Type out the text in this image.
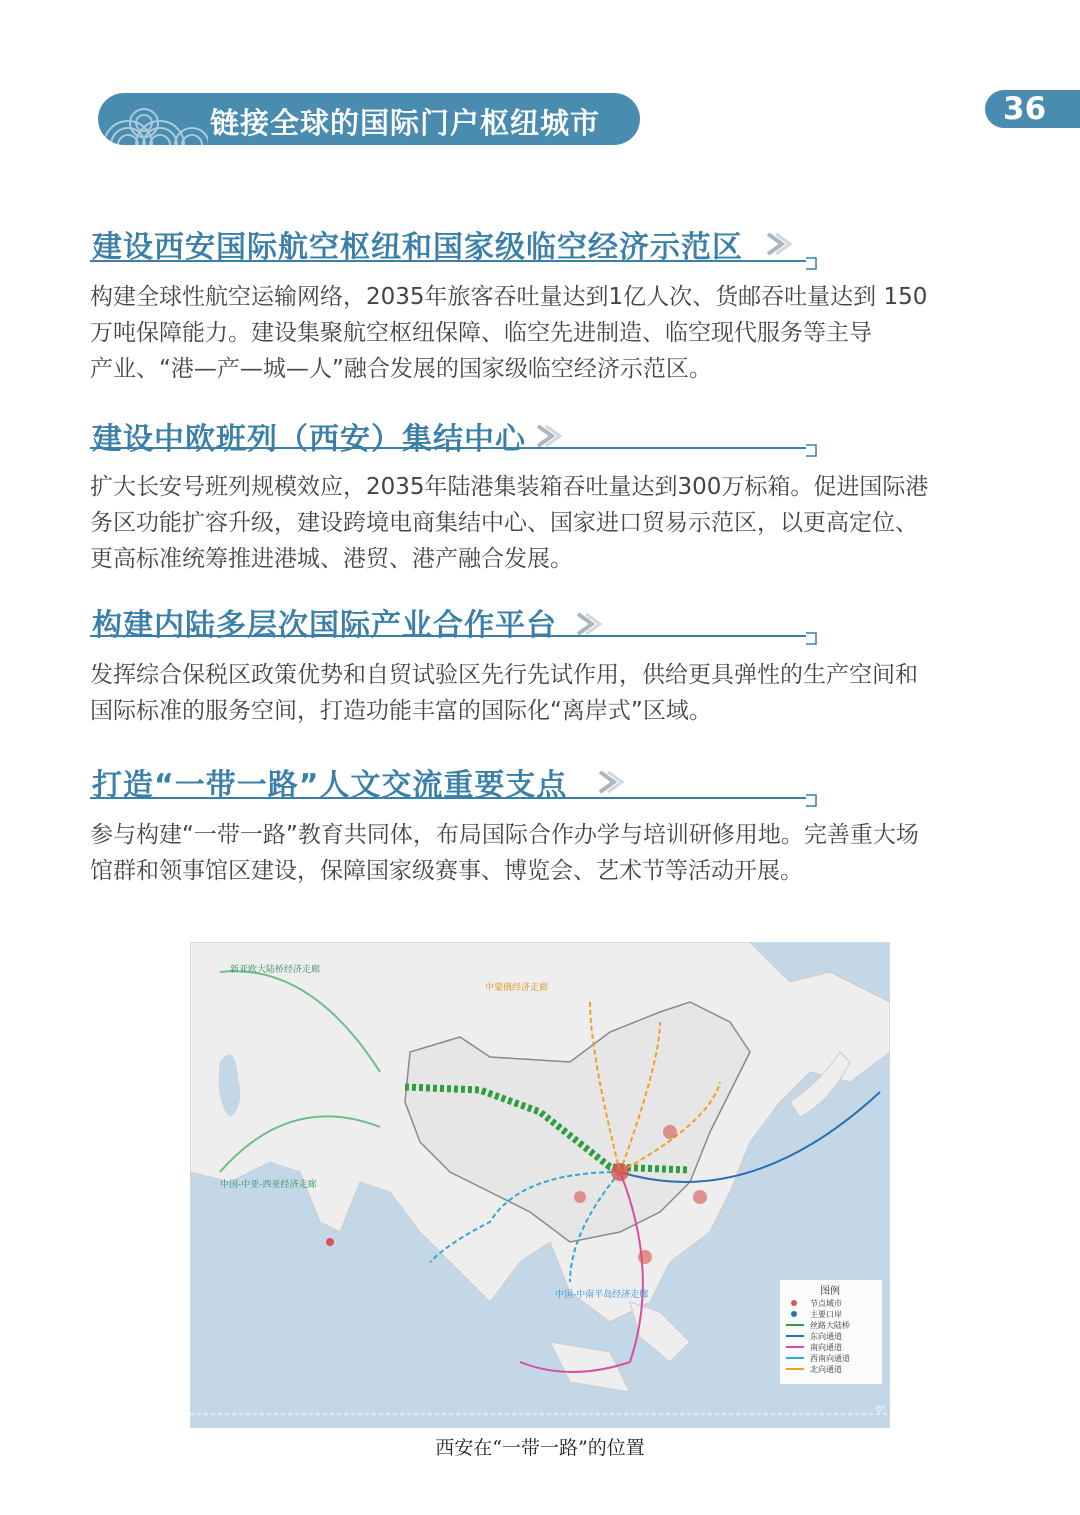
链接全球的国际门户枢纽城市	36
建设西安国际航空枢纽和国家级临空经济示范区

构建全球性航空运输网络，2035年旅客吞吐量达到1亿人次、货邮吞吐量达到 150

万吨保障能力。建设集聚航空枢纽保障、临空先进制造、临空现代服务等主导

产业、“港—产—城—人”融合发展的国家级临空经济示范区。

建设中欧班列（西安）集结中心

扩大长安号班列规模效应，2035年陆港集装箱吞吐量达到300万标箱。促进国际港

务区功能扩容升级，建设跨境电商集结中心、国家进口贸易示范区，以更高定位、

更高标准统筹推进港城、港贸、港产融合发展。

构建内陆多层次国际产业合作平台

发挥综合保税区政策优势和自贸试验区先行先试作用，供给更具弹性的生产空间和

国际标准的服务空间，打造功能丰富的国际化“离岸式”区域。

打造“一带一路”人文交流重要支点

参与构建“一带一路”教育共同体，布局国际合作办学与培训研修用地。完善重大场

馆群和领事馆区建设，保障国家级赛事、博览会、艺术节等活动开展。

新亚欧大陆桥经济走廊
中蒙俄经济走廊
中国-中亚-西亚经济走廊
中国-中南半岛经济走廊	图例
节点城市
主要口岸
丝路大陆桥
东向通道
南向通道
西南向通道
北向通道
0°
西安在“一带一路”的位置
